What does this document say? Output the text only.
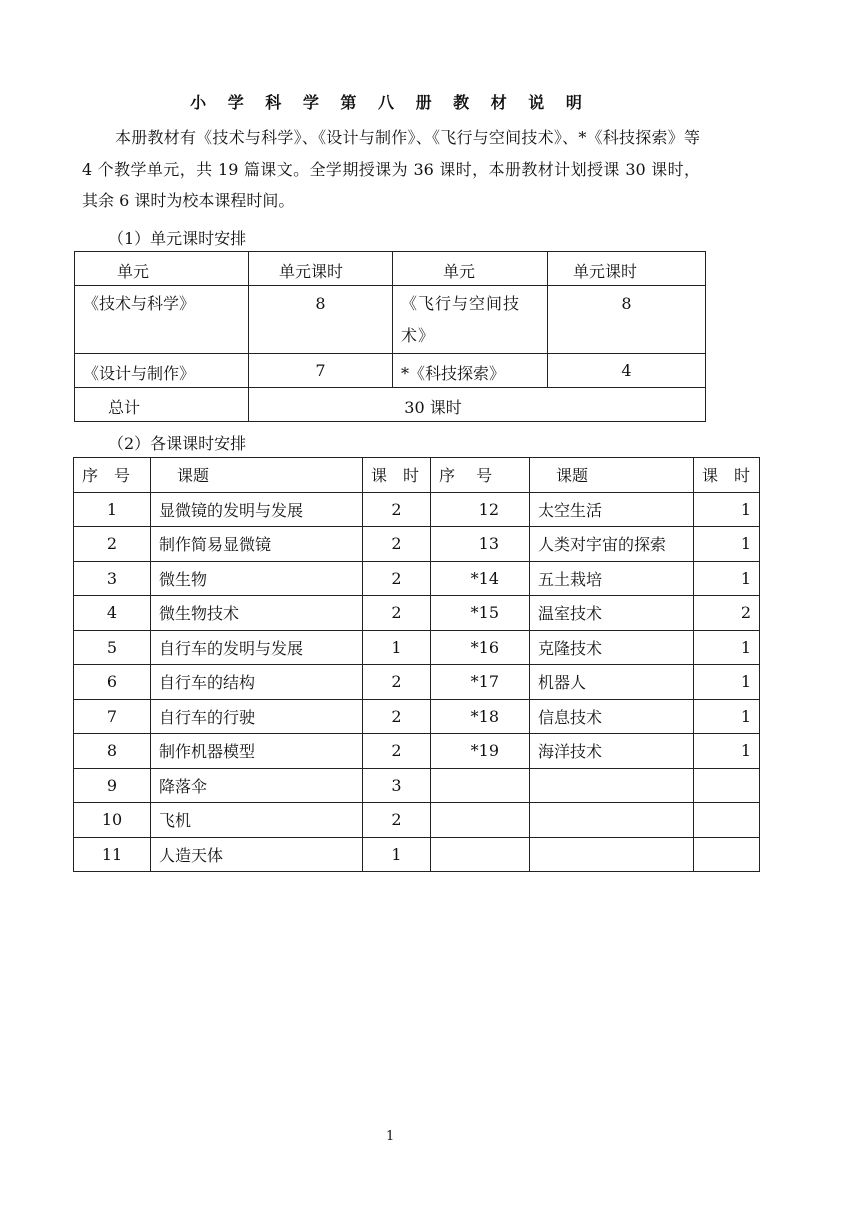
小 学 科 学 第 八 册 教 材 说 明
本册教材有《技术与科学》、《设计与制作》、《飞行与空间技术》、*《科技探索》等 4 个教学单元，共 19 篇课文。全学期授课为 36 课时，本册教材计划授课 30 课时，其余 6 课时为校本课程时间。
（1）单元课时安排
单元	单元课时	单元	单元课时
《技术与科学》	8	《飞行与空间技术》	8
《设计与制作》	7	*《科技探索》	4
总计	30 课时		
（2）各课课时安排
序　号	课题	课　时	序　 号	课题	课　时
1	显微镜的发明与发展	2	12	太空生活	1
2	制作简易显微镜	2	13	人类对宇宙的探索	1
3	微生物	2	*14	五土栽培	1
4	微生物技术	2	*15	温室技术	2
5	自行车的发明与发展	1	*16	克隆技术	1
6	自行车的结构	2	*17	机器人	1
7	自行车的行驶	2	*18	信息技术	1
8	制作机器模型	2	*19	海洋技术	1
9	降落伞	3			
10	飞机	2			
11	人造天体	1			
1
